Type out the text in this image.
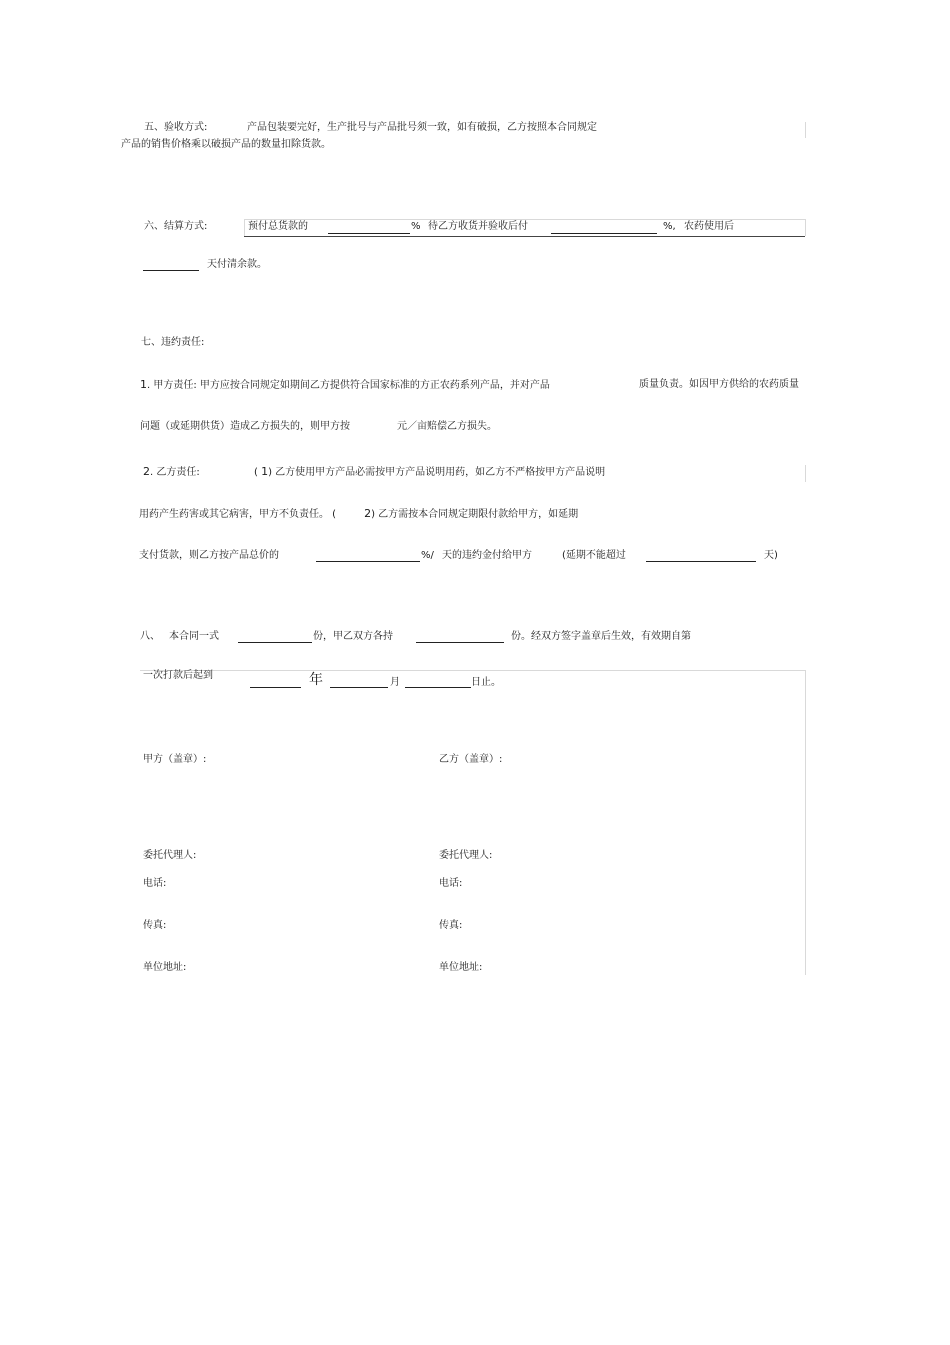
五、验收方式:	产品包装要完好，生产批号与产品批号须一致，如有破损，乙方按照本合同规定
产品的销售价格乘以破损产品的数量扣除货款。
六、结算方式:	预付总货款的	% 待乙方收货并验收后付	%, 农药使用后
天付清余款。
七、违约责任:
1. 甲方责任: 甲方应按合同规定如期间乙方提供符合国家标准的方正农药系列产品，并对产品	质量负责。如因甲方供给的农药质量
问题（或延期供货）造成乙方损失的，则甲方按	元／亩赔偿乙方损失。
2. 乙方责任:	( 1) 乙方使用甲方产品必需按甲方产品说明用药，如乙方不严格按甲方产品说明
用药产生药害或其它病害，甲方不负责任。 (	2) 乙方需按本合同规定期限付款给甲方，如延期
支付货款，则乙方按产品总价的	%/ 天的违约金付给甲方	(延期不能超过	天)
八、 本合同一式	份，甲乙双方各持	份。经双方签字盖章后生效，有效期自第
一次打款后起到	年	月	日止。
甲方（盖章）:	乙方（盖章）:
委托代理人:	委托代理人:
电话:	电话:
传真:	传真:
单位地址:	单位地址:
